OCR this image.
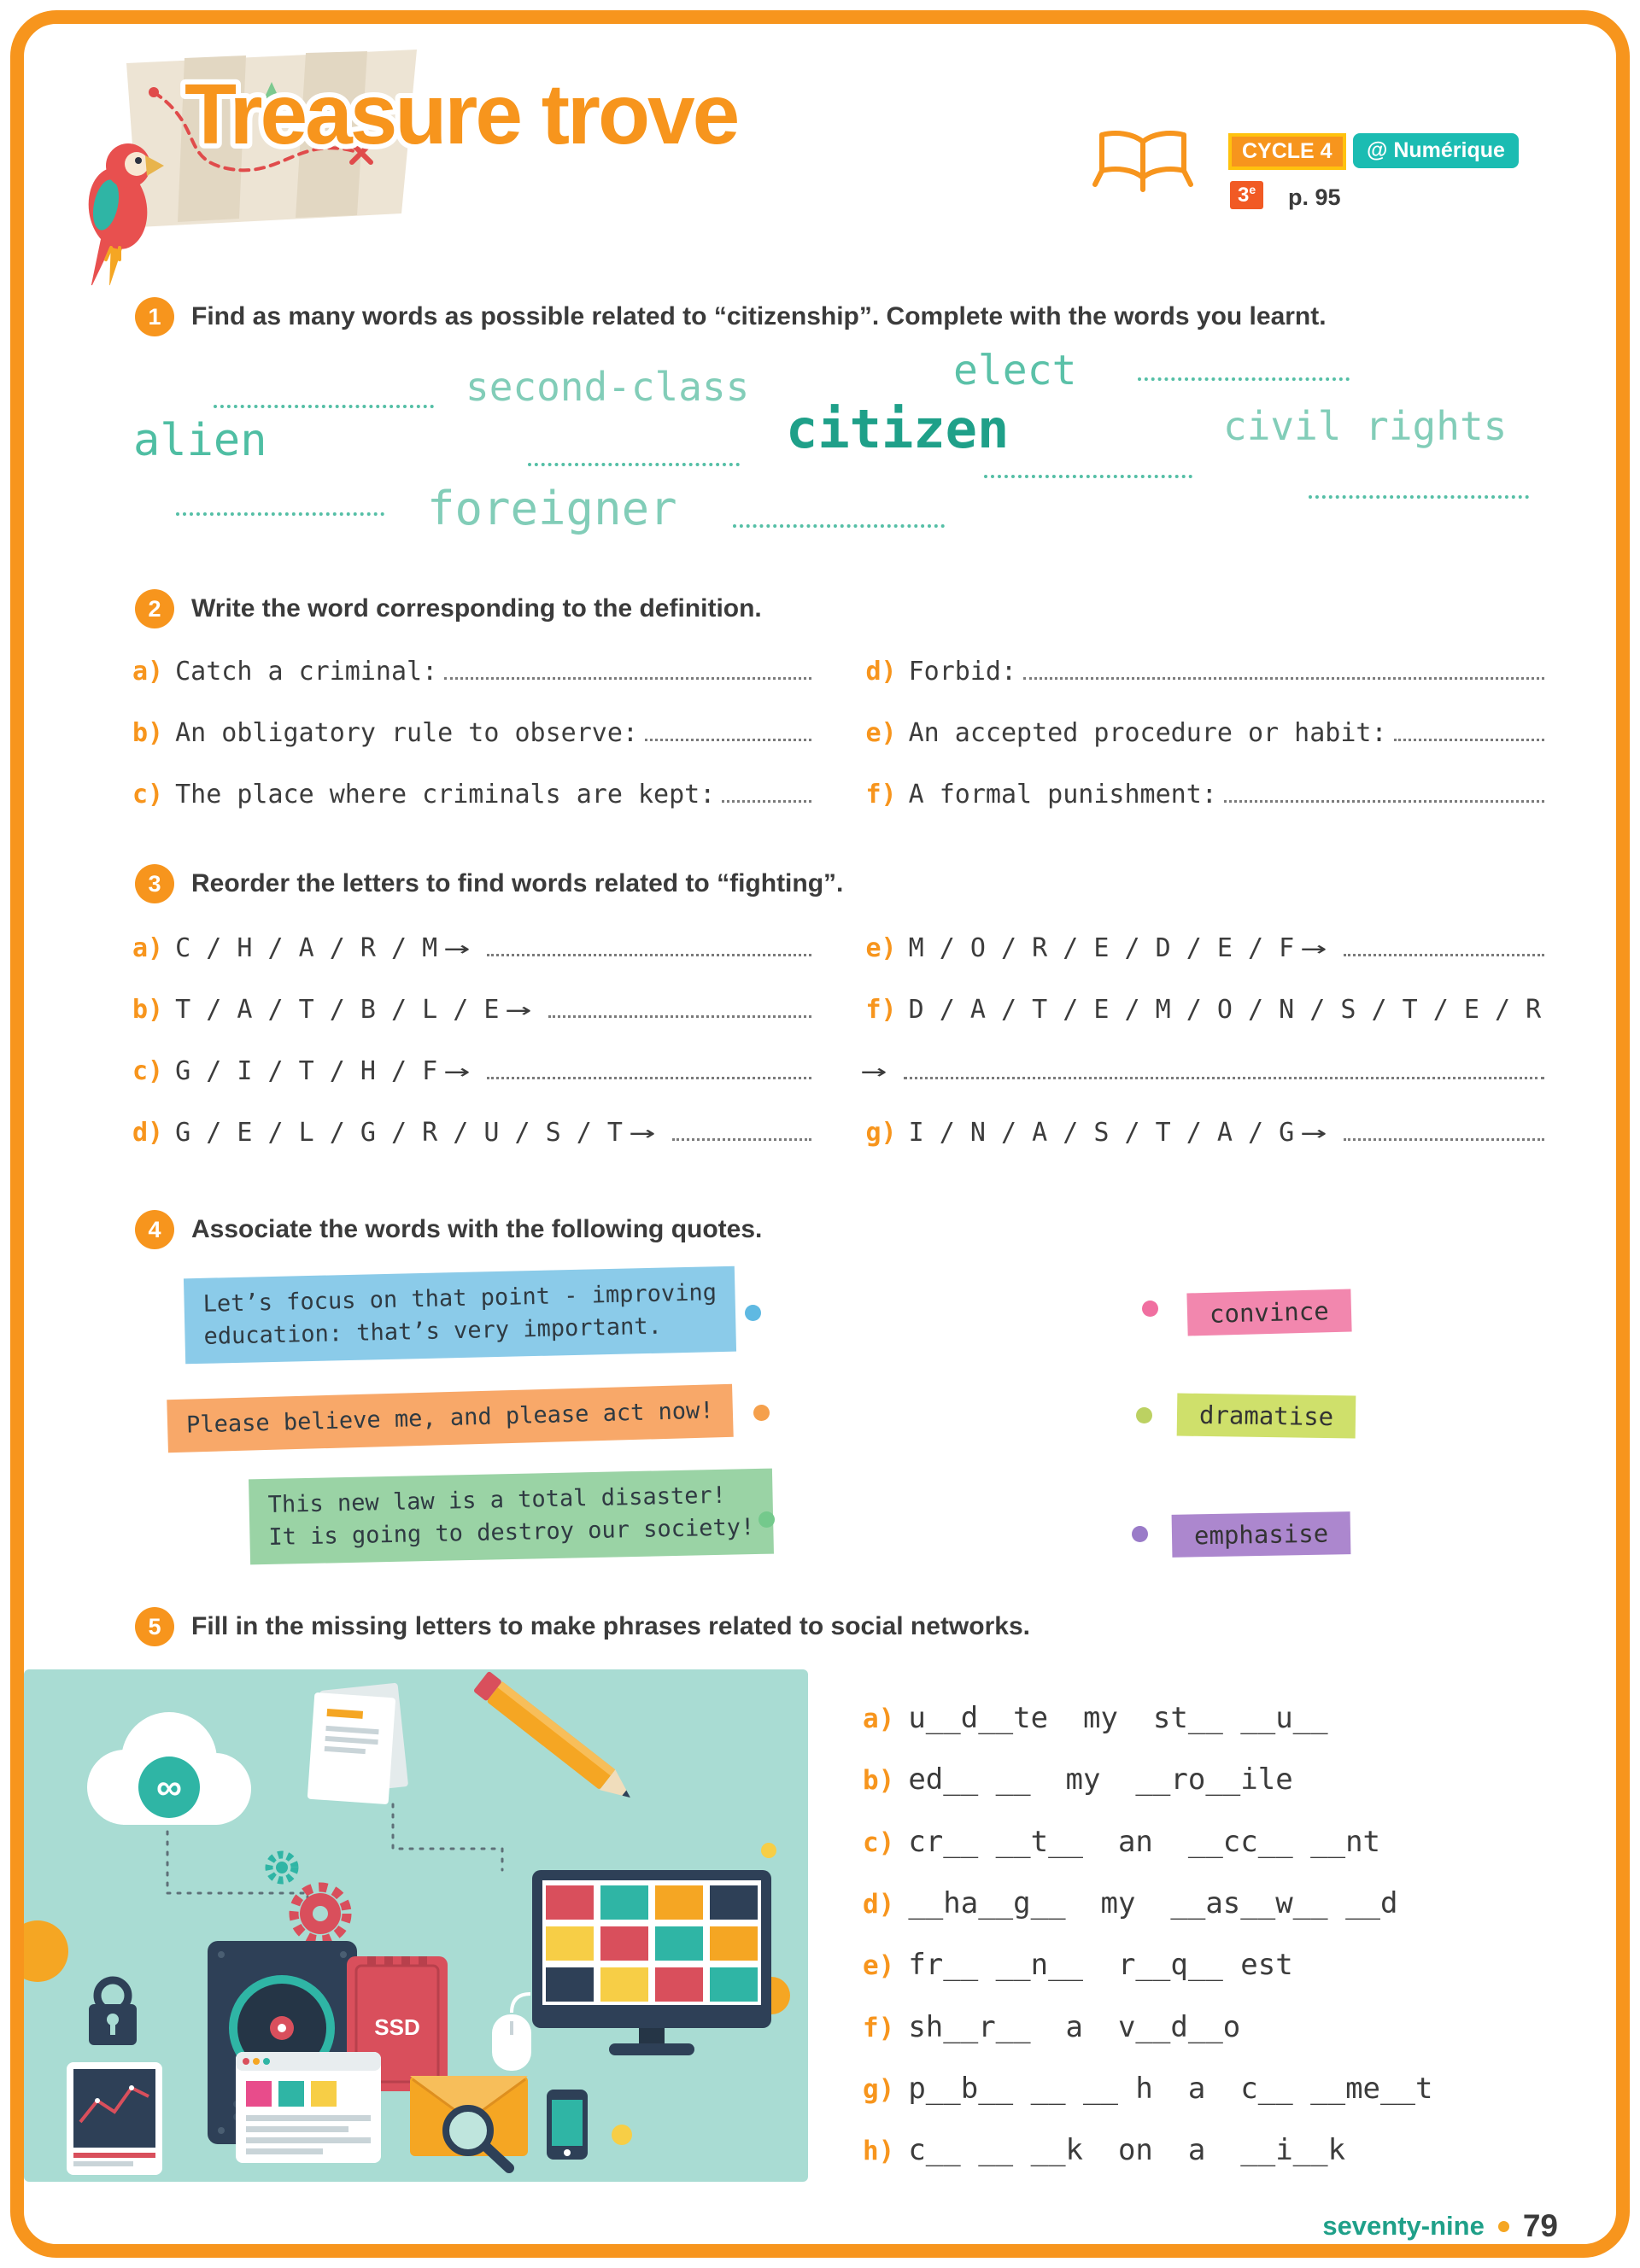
Treasure trove	CYCLE 4	@ Numérique
3e	p. 95
1	Find as many words as possible related to “citizenship”. Complete with the words you learnt.
second-class	elect
alien	citizen	civil rights
foreigner
2	Write the word corresponding to the definition.
a) Catch a criminal:
b) An obligatory rule to observe:
c) The place where criminals are kept:
d) Forbid:
e) An accepted procedure or habit:
f) A formal punishment:
3	Reorder the letters to find words related to “fighting”.
a) C / H / A / R / M →
b) T / A / T / B / L / E →
c) G / I / T / H / F →
d) G / E / L / G / R / U / S / T →
e) M / O / R / E / D / E / F →
f) D / A / T / E / M / O / N / S / T / E / R
→
g) I / N / A / S / T / A / G →
4	Associate the words with the following quotes.
Let’s focus on that point - improving
education: that’s very important.
convince
Please believe me, and please act now!	dramatise
This new law is a total disaster!
It is going to destroy our society!	emphasise
5	Fill in the missing letters to make phrases related to social networks.
∞
SSD
a) u__d__te  my  st__ __u__
b) ed__ __  my  __ro__ile
c) cr__ __t__  an  __cc__ __nt
d) __ha__g__  my  __as__w__ __d
e) fr__ __n__  r__q__ est
f) sh__r__  a  v__d__o
g) p__b__ __ __ h  a  c__ __me__t
h) c__ __ __k  on  a  __i__k
seventy-nine 79
